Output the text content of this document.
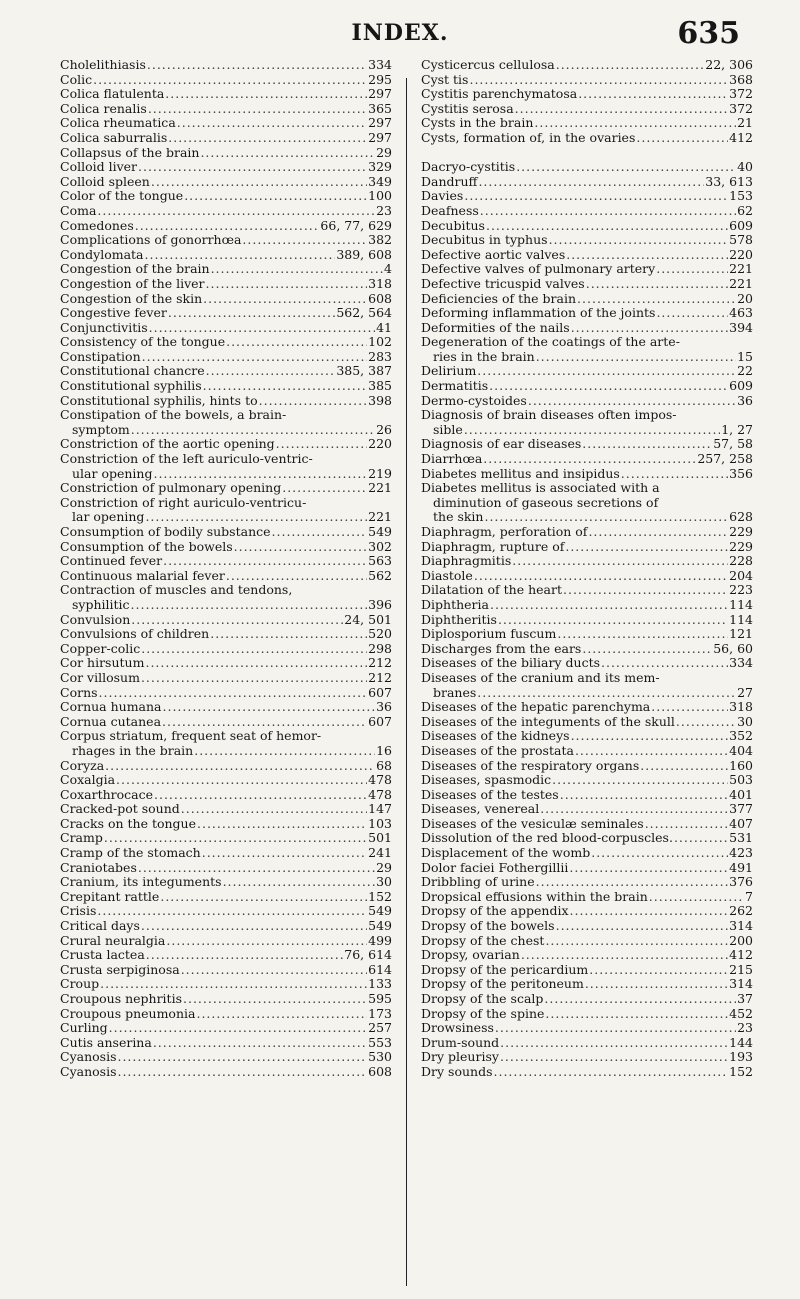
INDEX.	635
Cholelithiasis .....	334
Colic .....	295
Colica flatulenta .....	297
Colica renalis .....	365
Colica rheumatica .....	297
Colica saburralis .....	297
Collapsus of the brain .....	29
Colloid liver .....	329
Colloid spleen .....	349
Color of the tongue .....	100
Coma .....	23
Comedones .....	66, 77, 629
Complications of gonorrhœa .....	382
Condylomata .....	389, 608
Congestion of the brain .....	4
Congestion of the liver .....	318
Congestion of the skin .....	608
Congestive fever .....	562, 564
Conjunctivitis .....	41
Consistency of the tongue .....	102
Constipation .....	283
Constitutional chancre .....	385, 387
Constitutional syphilis .....	385
Constitutional syphilis, hints to .....	398
Constipation of the bowels, a brain-
symptom .....	26
Constriction of the aortic opening .....	220
Constriction of the left auriculo-ventric-
ular opening .....	219
Constriction of pulmonary opening .....	221
Constriction of right auriculo-ventricu-
lar opening .....	221
Consumption of bodily substance .....	549
Consumption of the bowels .....	302
Continued fever .....	563
Continuous malarial fever .....	562
Contraction of muscles and tendons,
syphilitic .....	396
Convulsion .....	24, 501
Convulsions of children .....	520
Copper-colic .....	298
Cor hirsutum .....	212
Cor villosum .....	212
Corns .....	607
Cornua humana .....	36
Cornua cutanea .....	607
Corpus striatum, frequent seat of hemor-
rhages in the brain .....	16
Coryza .....	68
Coxalgia .....	478
Coxarthrocace .....	478
Cracked-pot sound .....	147
Cracks on the tongue .....	103
Cramp .....	501
Cramp of the stomach .....	241
Craniotabes .....	29
Cranium, its integuments .....	30
Crepitant rattle .....	152
Crisis .....	549
Critical days .....	549
Crural neuralgia .....	499
Crusta lactea .....	76, 614
Crusta serpiginosa .....	614
Croup .....	133
Croupous nephritis .....	595
Croupous pneumonia .....	173
Curling .....	257
Cutis anserina .....	553
Cyanosis .....	530
Cyanosis .....	608
Cysticercus cellulosa .....	22, 306
Cyst tis .....	368
Cystitis parenchymatosa .....	372
Cystitis serosa .....	372
Cysts in the brain .....	21
Cysts, formation of, in the ovaries .....	412
Dacryo-cystitis .....	40
Dandruff .....	33, 613
Davies .....	153
Deafness .....	62
Decubitus .....	609
Decubitus in typhus .....	578
Defective aortic valves .....	220
Defective valves of pulmonary artery .....	221
Defective tricuspid valves .....	221
Deficiencies of the brain .....	20
Deforming inflammation of the joints .....	463
Deformities of the nails .....	394
Degeneration of the coatings of the arte-
ries in the brain .....	15
Delirium .....	22
Dermatitis .....	609
Dermo-cystoides .....	36
Diagnosis of brain diseases often impos-
sible .....	1, 27
Diagnosis of ear diseases .....	57, 58
Diarrhœa .....	257, 258
Diabetes mellitus and insipidus .....	356
Diabetes mellitus is associated with a
diminution of gaseous secretions of
the skin .....	628
Diaphragm, perforation of .....	229
Diaphragm, rupture of .....	229
Diaphragmitis .....	228
Diastole .....	204
Dilatation of the heart .....	223
Diphtheria .....	114
Diphtheritis .....	114
Diplosporium fuscum .....	121
Discharges from the ears .....	56, 60
Diseases of the biliary ducts .....	334
Diseases of the cranium and its mem-
branes .....	27
Diseases of the hepatic parenchyma .....	318
Diseases of the integuments of the skull .....	30
Diseases of the kidneys .....	352
Diseases of the prostata .....	404
Diseases of the respiratory organs .....	160
Diseases, spasmodic .....	503
Diseases of the testes .....	401
Diseases, venereal .....	377
Diseases of the vesiculæ seminales .....	407
Dissolution of the red blood-corpuscles. .....	531
Displacement of the womb .....	423
Dolor faciei Fothergillii .....	491
Dribbling of urine .....	376
Dropsical effusions within the brain .....	7
Dropsy of the appendix .....	262
Dropsy of the bowels .....	314
Dropsy of the chest .....	200
Dropsy, ovarian .....	412
Dropsy of the pericardium .....	215
Dropsy of the peritoneum .....	314
Dropsy of the scalp .....	37
Dropsy of the spine .....	452
Drowsiness .....	23
Drum-sound .....	144
Dry pleurisy .....	193
Dry sounds .....	152
